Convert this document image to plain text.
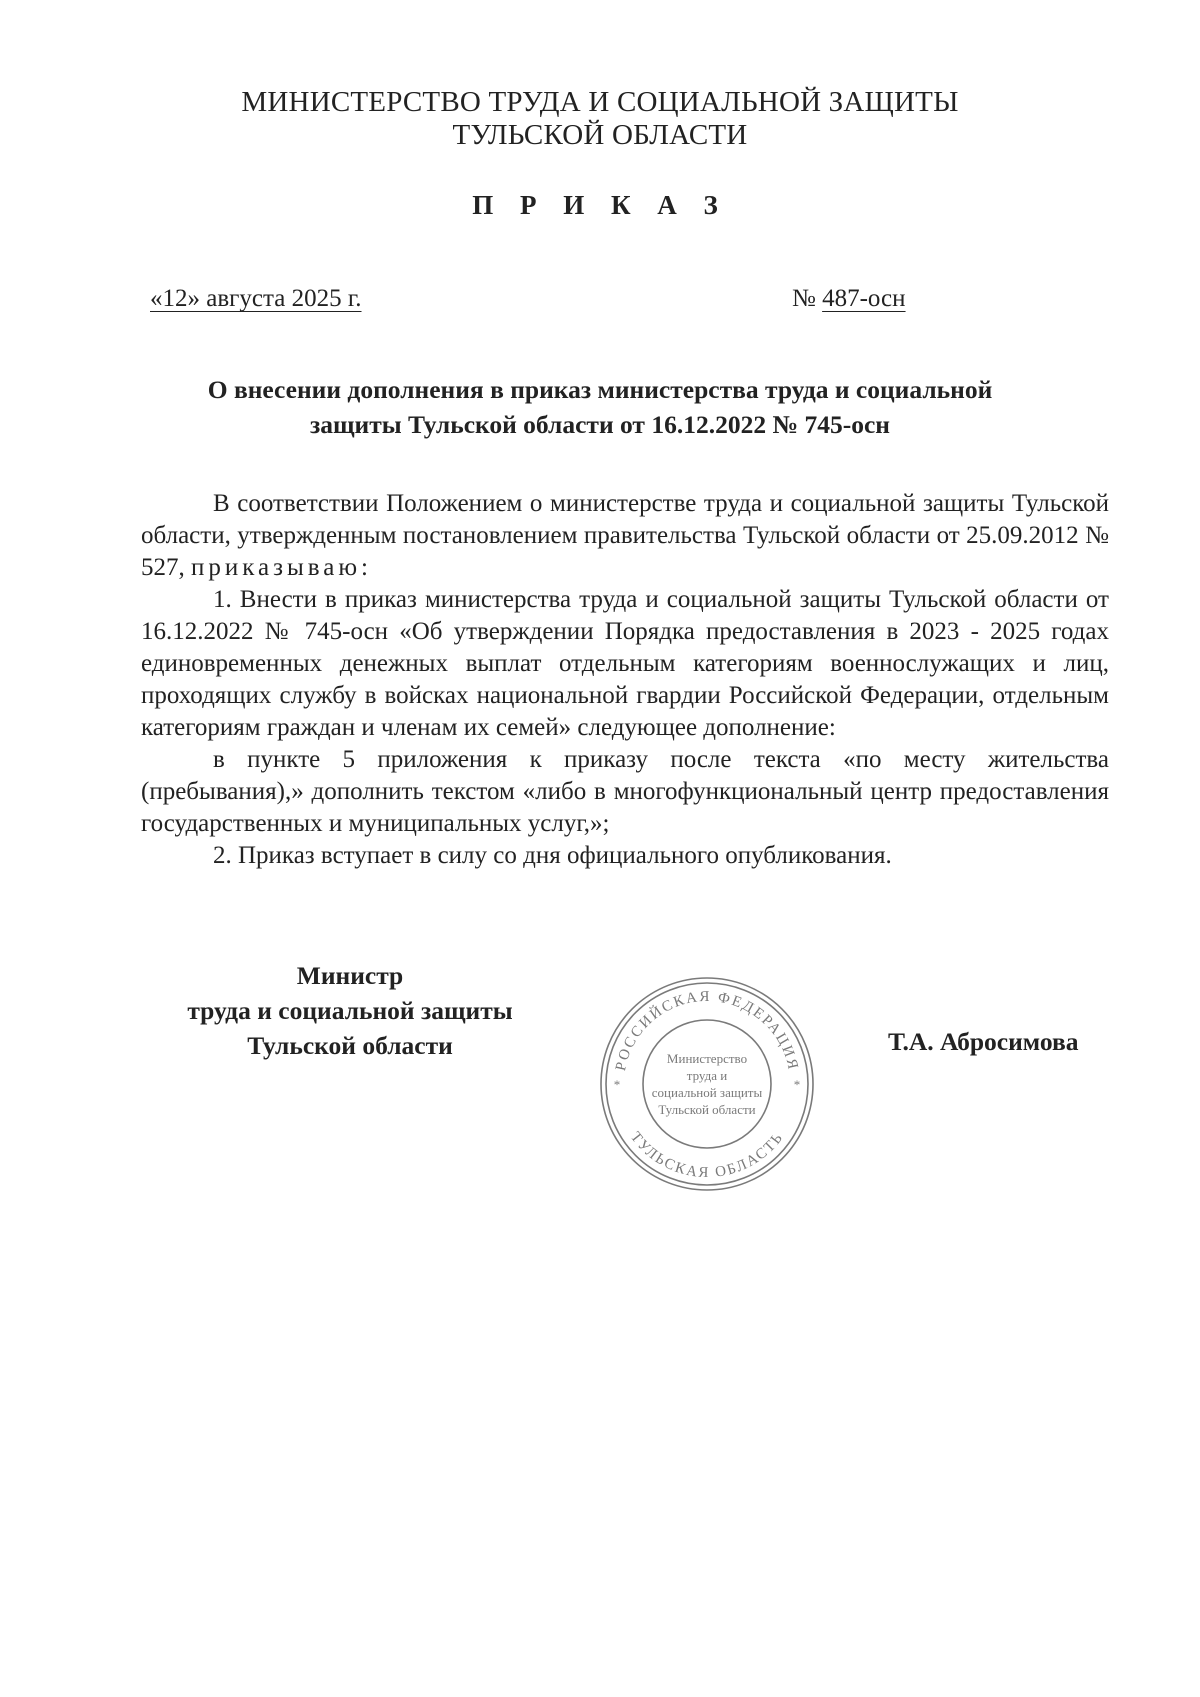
МИНИСТЕРСТВО ТРУДА И СОЦИАЛЬНОЙ ЗАЩИТЫ
ТУЛЬСКОЙ ОБЛАСТИ
П Р И К А З
«12» августа 2025 г.	№ 487-осн
О внесении дополнения в приказ министерства труда и социальной
защиты Тульской области от 16.12.2022 № 745-осн

В соответствии Положением о министерстве труда и социальной защиты Тульской области, утвержденным постановлением правительства Тульской области от 25.09.2012 № 527, приказываю:

1. Внести в приказ министерства труда и социальной защиты Тульской области от 16.12.2022 № 745-осн «Об утверждении Порядка предоставления в 2023 - 2025 годах единовременных денежных выплат отдельным категориям военнослужащих и лиц, проходящих службу в войсках национальной гвардии Российской Федерации, отдельным категориям граждан и членам их семей» следующее дополнение:

в пункте 5 приложения к приказу после текста «по месту жительства (пребывания),» дополнить текстом «либо в многофункциональный центр предоставления государственных и муниципальных услуг,»;

2. Приказ вступает в силу со дня официального опубликования.

Министр
труда и социальной защиты
Тульской области
РОССИЙСКАЯ ФЕДЕРАЦИЯ
ТУЛЬСКАЯ ОБЛАСТЬ
*	*
Министерство
труда и
социальной защиты
Тульской области
Т.А. Абросимова
